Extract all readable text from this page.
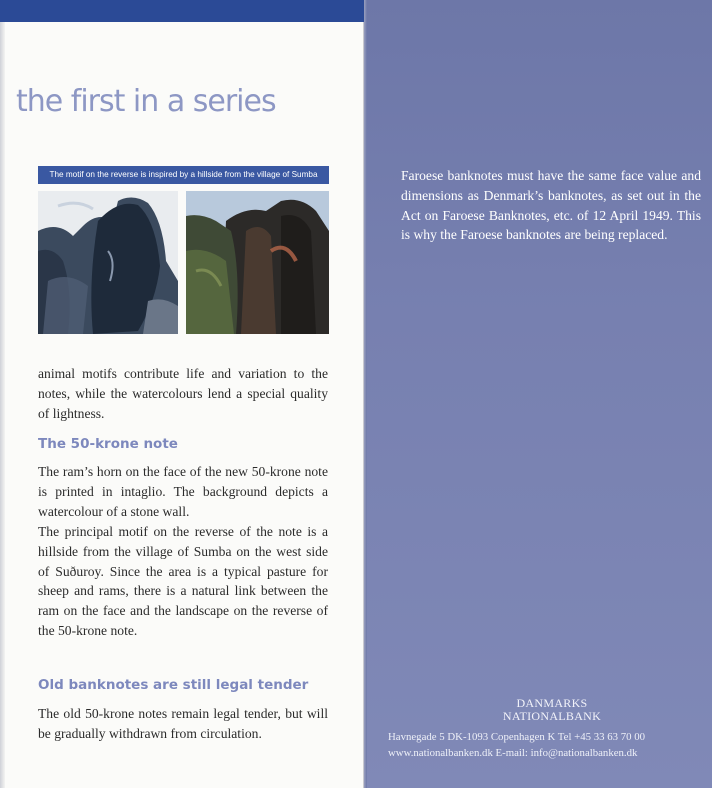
the first in a series
The motif on the reverse is inspired by a hillside from the village of Sumba
animal motifs contribute life and variation to the notes, while the watercolours lend a special quality of lightness.
The 50-krone note
The ram’s horn on the face of the new 50-krone note is printed in intaglio. The background depicts a watercolour of a stone wall.
The principal motif on the reverse of the note is a hillside from the village of Sumba on the west side of Suðuroy. Since the area is a typical pasture for sheep and rams, there is a natural link between the ram on the face and the landscape on the reverse of the 50-krone note.
Old banknotes are still legal tender
The old 50-krone notes remain legal tender, but will be gradually withdrawn from circulation.
Faroese banknotes must have the same face value and dimensions as Denmark’s banknotes, as set out in the Act on Faroese Banknotes, etc. of 12 April 1949. This is why the Faroese banknotes are being replaced.
DANMARKS
NATIONALBANK
Havnegade 5 DK-1093 Copenhagen K Tel +45 33 63 70 00
www.nationalbanken.dk E-mail: info@nationalbanken.dk
